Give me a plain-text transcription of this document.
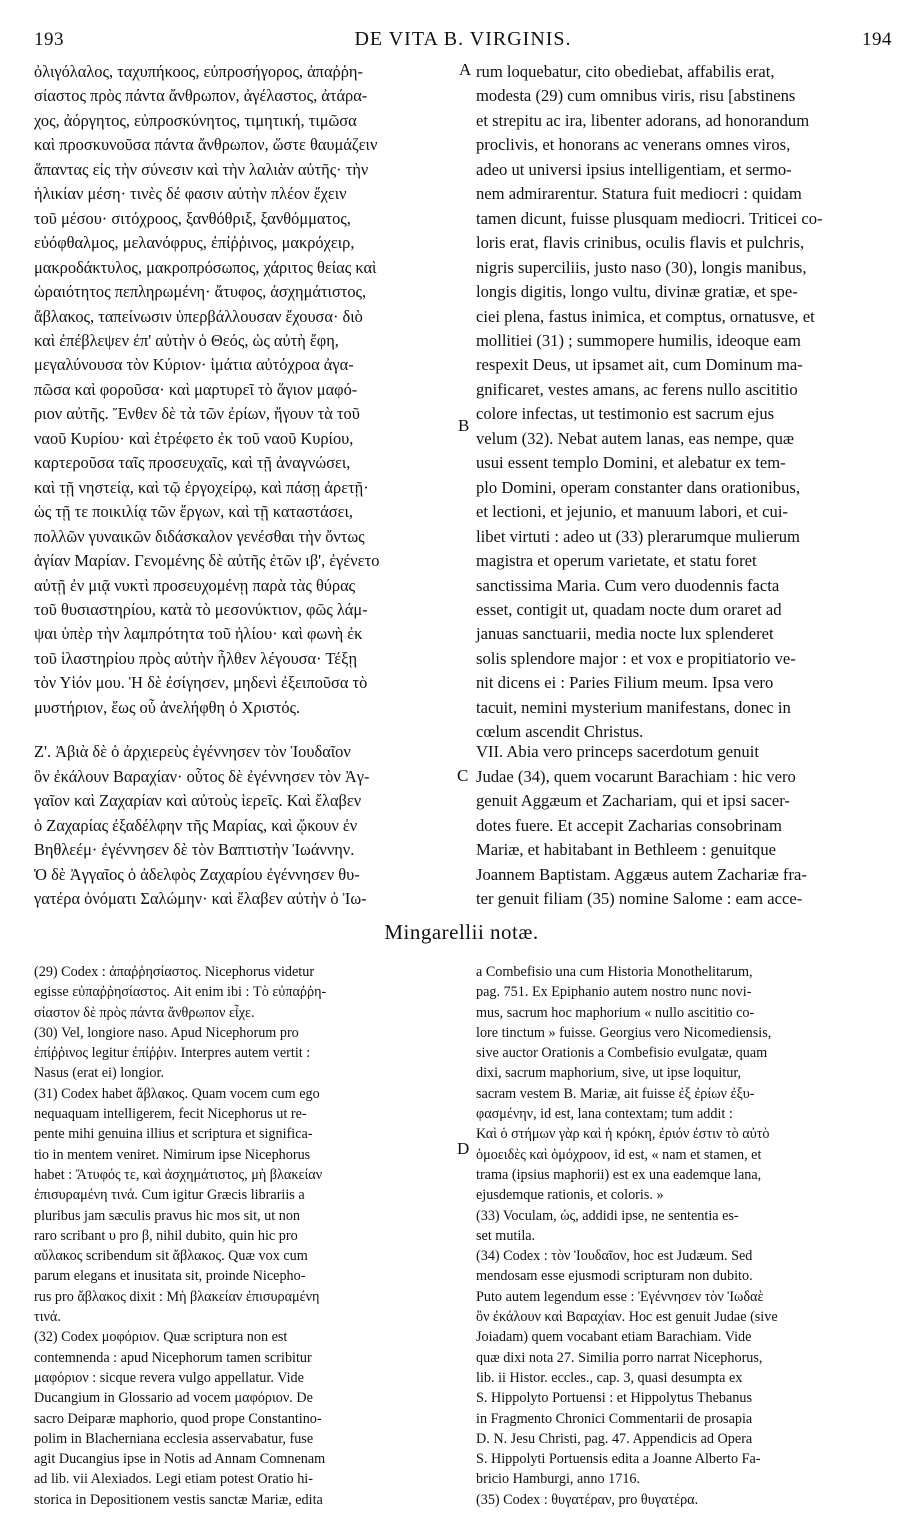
193	DE VITA B. VIRGINIS.	194

ὀλιγόλαλος, ταχυπήκοος, εὐπροσήγορος, ἀπαῤῥη-
σίαστος πρὸς πάντα ἄνθρωπον, ἀγέλαστος, ἀτάρα-
χος, ἀόργητος, εὐπροσκύνητος, τιμητική, τιμῶσα
καὶ προσκυνοῦσα πάντα ἄνθρωπον, ὥστε θαυμάζειν
ἅπαντας εἰς τὴν σύνεσιν καὶ τὴν λαλιὰν αὐτῆς· τὴν
ἡλικίαν μέση· τινὲς δέ φασιν αὐτὴν πλέον ἔχειν
τοῦ μέσου· σιτόχροος, ξανθόθριξ, ξανθόμματος,
εὐόφθαλμος, μελανόφρυς, ἐπίῤῥινος, μακρόχειρ,
μακροδάκτυλος, μακροπρόσωπος, χάριτος θείας καὶ
ὡραιότητος πεπληρωμένη· ἄτυφος, ἀσχημάτιστος,
ἄβλακος, ταπείνωσιν ὑπερβάλλουσαν ἔχουσα· διὸ
καὶ ἐπέβλεψεν ἐπ' αὐτὴν ὁ Θεός, ὡς αὐτὴ ἔφη,
μεγαλύνουσα τὸν Κύριον· ἱμάτια αὐτόχροα ἀγα-
πῶσα καὶ φοροῦσα· καὶ μαρτυρεῖ τὸ ἅγιον μαφό-
ριον αὐτῆς. Ἔνθεν δὲ τὰ τῶν ἐρίων, ἤγουν τὰ τοῦ
ναοῦ Κυρίου· καὶ ἐτρέφετο ἐκ τοῦ ναοῦ Κυρίου,
καρτεροῦσα ταῖς προσευχαῖς, καὶ τῇ ἀναγνώσει,
καὶ τῇ νηστείᾳ, καὶ τῷ ἐργοχείρῳ, καὶ πάσῃ ἀρετῇ·
ὡς τῇ τε ποικιλίᾳ τῶν ἔργων, καὶ τῇ καταστάσει,
πολλῶν γυναικῶν διδάσκαλον γενέσθαι τὴν ὄντως
ἁγίαν Μαρίαν. Γενομένης δὲ αὐτῆς ἐτῶν ιβ', ἐγένετο
αὐτῇ ἐν μιᾷ νυκτὶ προσευχομένῃ παρὰ τὰς θύρας
τοῦ θυσιαστηρίου, κατὰ τὸ μεσονύκτιον, φῶς λάμ-
ψαι ὑπὲρ τὴν λαμπρότητα τοῦ ἡλίου· καὶ φωνὴ ἐκ
τοῦ ἱλαστηρίου πρὸς αὐτὴν ἦλθεν λέγουσα· Τέξῃ
τὸν Υἱόν μου. Ἡ δὲ ἐσίγησεν, μηδενὶ ἐξειποῦσα τὸ
μυστήριον, ἕως οὗ ἀνελήφθη ὁ Χριστός.

rum loquebatur, cito obediebat, affabilis erat,
modesta (29) cum omnibus viris, risu [abstinens
et strepitu ac ira, libenter adorans, ad honorandum
proclivis, et honorans ac venerans omnes viros,
adeo ut universi ipsius intelligentiam, et sermo-
nem admirarentur. Statura fuit mediocri : quidam
tamen dicunt, fuisse plusquam mediocri. Triticei co-
loris erat, flavis crinibus, oculis flavis et pulchris,
nigris superciliis, justo naso (30), longis manibus,
longis digitis, longo vultu, divinæ gratiæ, et spe-
ciei plena, fastus inimica, et comptus, ornatusve, et
mollitiei (31) ; summopere humilis, ideoque eam
respexit Deus, ut ipsamet ait, cum Dominum ma-
gnificaret, vestes amans, ac ferens nullo ascititio
colore infectas, ut testimonio est sacrum ejus
velum (32). Nebat autem lanas, eas nempe, quæ
usui essent templo Domini, et alebatur ex tem-
plo Domini, operam constanter dans orationibus,
et lectioni, et jejunio, et manuum labori, et cui-
libet virtuti : adeo ut (33) plerarumque mulierum
magistra et operum varietate, et statu foret
sanctissima Maria. Cum vero duodennis facta
esset, contigit ut, quadam nocte dum oraret ad
januas sanctuarii, media nocte lux splenderet
solis splendore major : et vox e propitiatorio ve-
nit dicens ei : Paries Filium meum. Ipsa vero
tacuit, nemini mysterium manifestans, donec in
cœlum ascendit Christus.

A
B
C
D

Ζ'. Ἀβιὰ δὲ ὁ ἀρχιερεὺς ἐγέννησεν τὸν Ἰουδαῖον
ὃν ἐκάλουν Βαραχίαν· οὗτος δὲ ἐγέννησεν τὸν Ἀγ-
γαῖον καὶ Ζαχαρίαν καὶ αὐτοὺς ἱερεῖς. Καὶ ἔλαβεν
ὁ Ζαχαρίας ἐξαδέλφην τῆς Μαρίας, καὶ ᾤκουν ἐν
Βηθλεέμ· ἐγέννησεν δὲ τὸν Βαπτιστὴν Ἰωάννην.
Ὁ δὲ Ἀγγαῖος ὁ ἀδελφὸς Ζαχαρίου ἐγέννησεν θυ-
γατέρα ὀνόματι Σαλώμην· καὶ ἔλαβεν αὐτὴν ὁ Ἰω-

VII. Abia vero princeps sacerdotum genuit
Judae (34), quem vocarunt Barachiam : hic vero
genuit Aggæum et Zachariam, qui et ipsi sacer-
dotes fuere. Et accepit Zacharias consobrinam
Mariæ, et habitabant in Bethleem : genuitque
Joannem Baptistam. Aggæus autem Zachariæ fra-
ter genuit filiam (35) nomine Salome : eam acce-

Mingarellii notæ.

(29) Codex : ἀπαῤῥησίαστος. Nicephorus videtur
egisse εὐπαῤῥησίαστος. Ait enim ibi : Τὸ εὐπαῤῥη-
σίαστον δὲ πρὸς πάντα ἄνθρωπον εἶχε.
(30) Vel, longiore naso. Apud Nicephorum pro
ἐπίῤῥινος legitur ἐπίῤῥιν. Interpres autem vertit :
Nasus (erat ei) longior.
(31) Codex habet ἄβλακος. Quam vocem cum ego
nequaquam intelligerem, fecit Nicephorus ut re-
pente mihi genuina illius et scriptura et significa-
tio in mentem veniret. Nimirum ipse Nicephorus
habet : Ἄτυφός τε, καὶ ἀσχημάτιστος, μὴ βλακείαν
ἐπισυραμένη τινά. Cum igitur Græcis librariis a
pluribus jam sæculis pravus hic mos sit, ut non
raro scribant υ pro β, nihil dubito, quin hic pro
αὔλακος scribendum sit ἄβλακος. Quæ vox cum
parum elegans et inusitata sit, proinde Nicepho-
rus pro ἄβλακος dixit : Μὴ βλακείαν ἐπισυραμένη
τινά.
(32) Codex μοφόριον. Quæ scriptura non est
contemnenda : apud Nicephorum tamen scribitur
μαφόριον : sicque revera vulgo appellatur. Vide
Ducangium in Glossario ad vocem μαφόριον. De
sacro Deiparæ maphorio, quod prope Constantino-
polim in Blacherniana ecclesia asservabatur, fuse
agit Ducangius ipse in Notis ad Annam Comnenam
ad lib. vii Alexiados. Legi etiam potest Oratio hi-
storica in Depositionem vestis sanctæ Mariæ, edita

a Combefisio una cum Historia Monothelitarum,
pag. 751. Ex Epiphanio autem nostro nunc novi-
mus, sacrum hoc maphorium « nullo ascititio co-
lore tinctum » fuisse. Georgius vero Nicomediensis,
sive auctor Orationis a Combefisio evulgatæ, quam
dixi, sacrum maphorium, sive, ut ipse loquitur,
sacram vestem B. Mariæ, ait fuisse ἐξ ἐρίων ἐξυ-
φασμένην, id est, lana contextam; tum addit :
Καὶ ὁ στήμων γὰρ καὶ ἡ κρόκη, ἐριόν ἐστιν τὸ αὐτὸ
ὁμοειδὲς καὶ ὁμόχροον, id est, « nam et stamen, et
trama (ipsius maphorii) est ex una eademque lana,
ejusdemque rationis, et coloris. »
(33) Voculam, ὡς, addidi ipse, ne sententia es-
set mutila.
(34) Codex : τὸν Ἰουδαῖον, hoc est Judæum. Sed
mendosam esse ejusmodi scripturam non dubito.
Puto autem legendum esse : Ἐγέννησεν τὸν Ἰωδαὲ
ὃν ἐκάλουν καὶ Βαραχίαν. Hoc est genuit Judae (sive
Joiadam) quem vocabant etiam Barachiam. Vide
quæ dixi nota 27. Similia porro narrat Nicephorus,
lib. ii Histor. eccles., cap. 3, quasi desumpta ex
S. Hippolyto Portuensi : et Hippolytus Thebanus
in Fragmento Chronici Commentarii de prosapia
D. N. Jesu Christi, pag. 47. Appendicis ad Opera
S. Hippolyti Portuensis edita a Joanne Alberto Fa-
bricio Hamburgi, anno 1716.
(35) Codex : θυγατέραν, pro θυγατέρα.
